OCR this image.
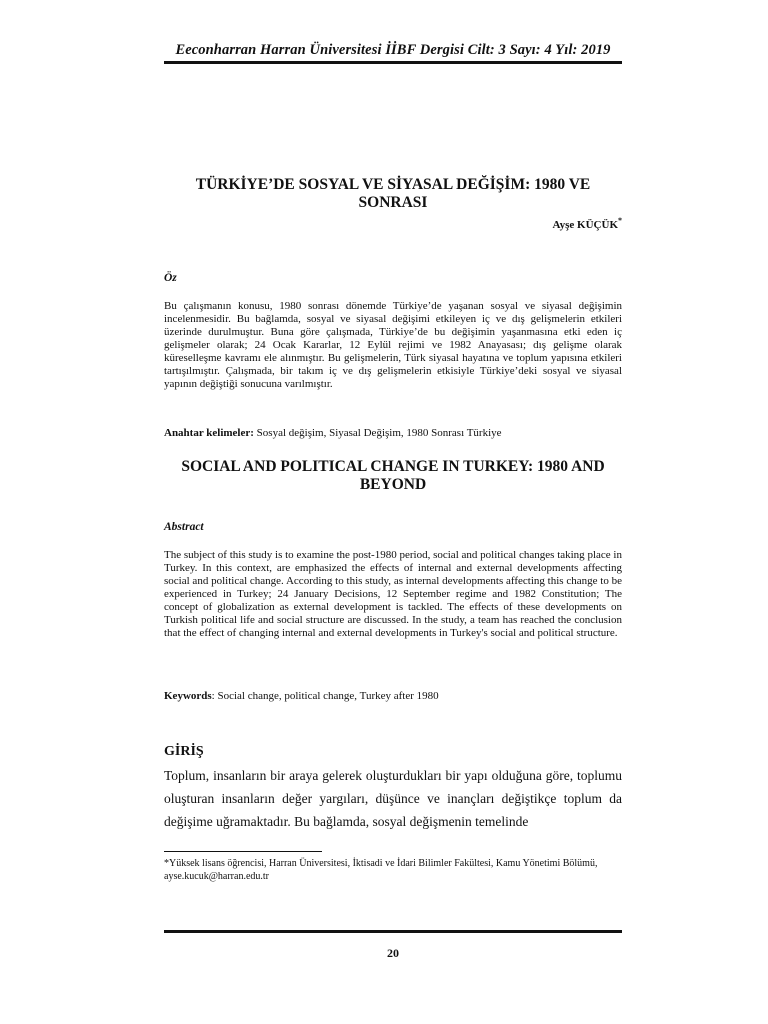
Eeconharran Harran Üniversitesi İİBF Dergisi Cilt: 3 Sayı: 4 Yıl: 2019
TÜRKİYE’DE SOSYAL VE SİYASAL DEĞİŞİM: 1980 VE SONRASI
Ayşe KÜÇÜK*
Öz
Bu çalışmanın konusu, 1980 sonrası dönemde Türkiye’de yaşanan sosyal ve siyasal değişimin incelenmesidir. Bu bağlamda, sosyal ve siyasal değişimi etkileyen iç ve dış gelişmelerin etkileri üzerinde durulmuştur. Buna göre çalışmada, Türkiye’de bu değişimin yaşanmasına etki eden iç gelişmeler olarak; 24 Ocak Kararlar, 12 Eylül rejimi ve 1982 Anayasası; dış gelişme olarak küreselleşme kavramı ele alınmıştır. Bu gelişmelerin, Türk siyasal hayatına ve toplum yapısına etkileri tartışılmıştır. Çalışmada, bir takım iç ve dış gelişmelerin etkisiyle Türkiye’deki sosyal ve siyasal yapının değiştiği sonucuna varılmıştır.
Anahtar kelimeler: Sosyal değişim, Siyasal Değişim, 1980 Sonrası Türkiye
SOCIAL AND POLITICAL CHANGE IN TURKEY: 1980 AND BEYOND
Abstract
The subject of this study is to examine the post-1980 period, social and political changes taking place in Turkey. In this context, are emphasized the effects of internal and external developments affecting social and political change. According to this study, as internal developments affecting this change to be experienced in Turkey; 24 January Decisions, 12 September regime and 1982 Constitution; The concept of globalization as external development is tackled. The effects of these developments on Turkish political life and social structure are discussed. In the study, a team has reached the conclusion that the effect of changing internal and external developments in Turkey's social and political structure.
Keywords: Social change, political change, Turkey after 1980
GİRİŞ
Toplum, insanların bir araya gelerek oluşturdukları bir yapı olduğuna göre, toplumu oluşturan insanların değer yargıları, düşünce ve inançları değiştikçe toplum da değişime uğramaktadır. Bu bağlamda, sosyal değişmenin temelinde
*Yüksek lisans öğrencisi, Harran Üniversitesi, İktisadi ve İdari Bilimler Fakültesi, Kamu Yönetimi Bölümü, ayse.kucuk@harran.edu.tr
20
